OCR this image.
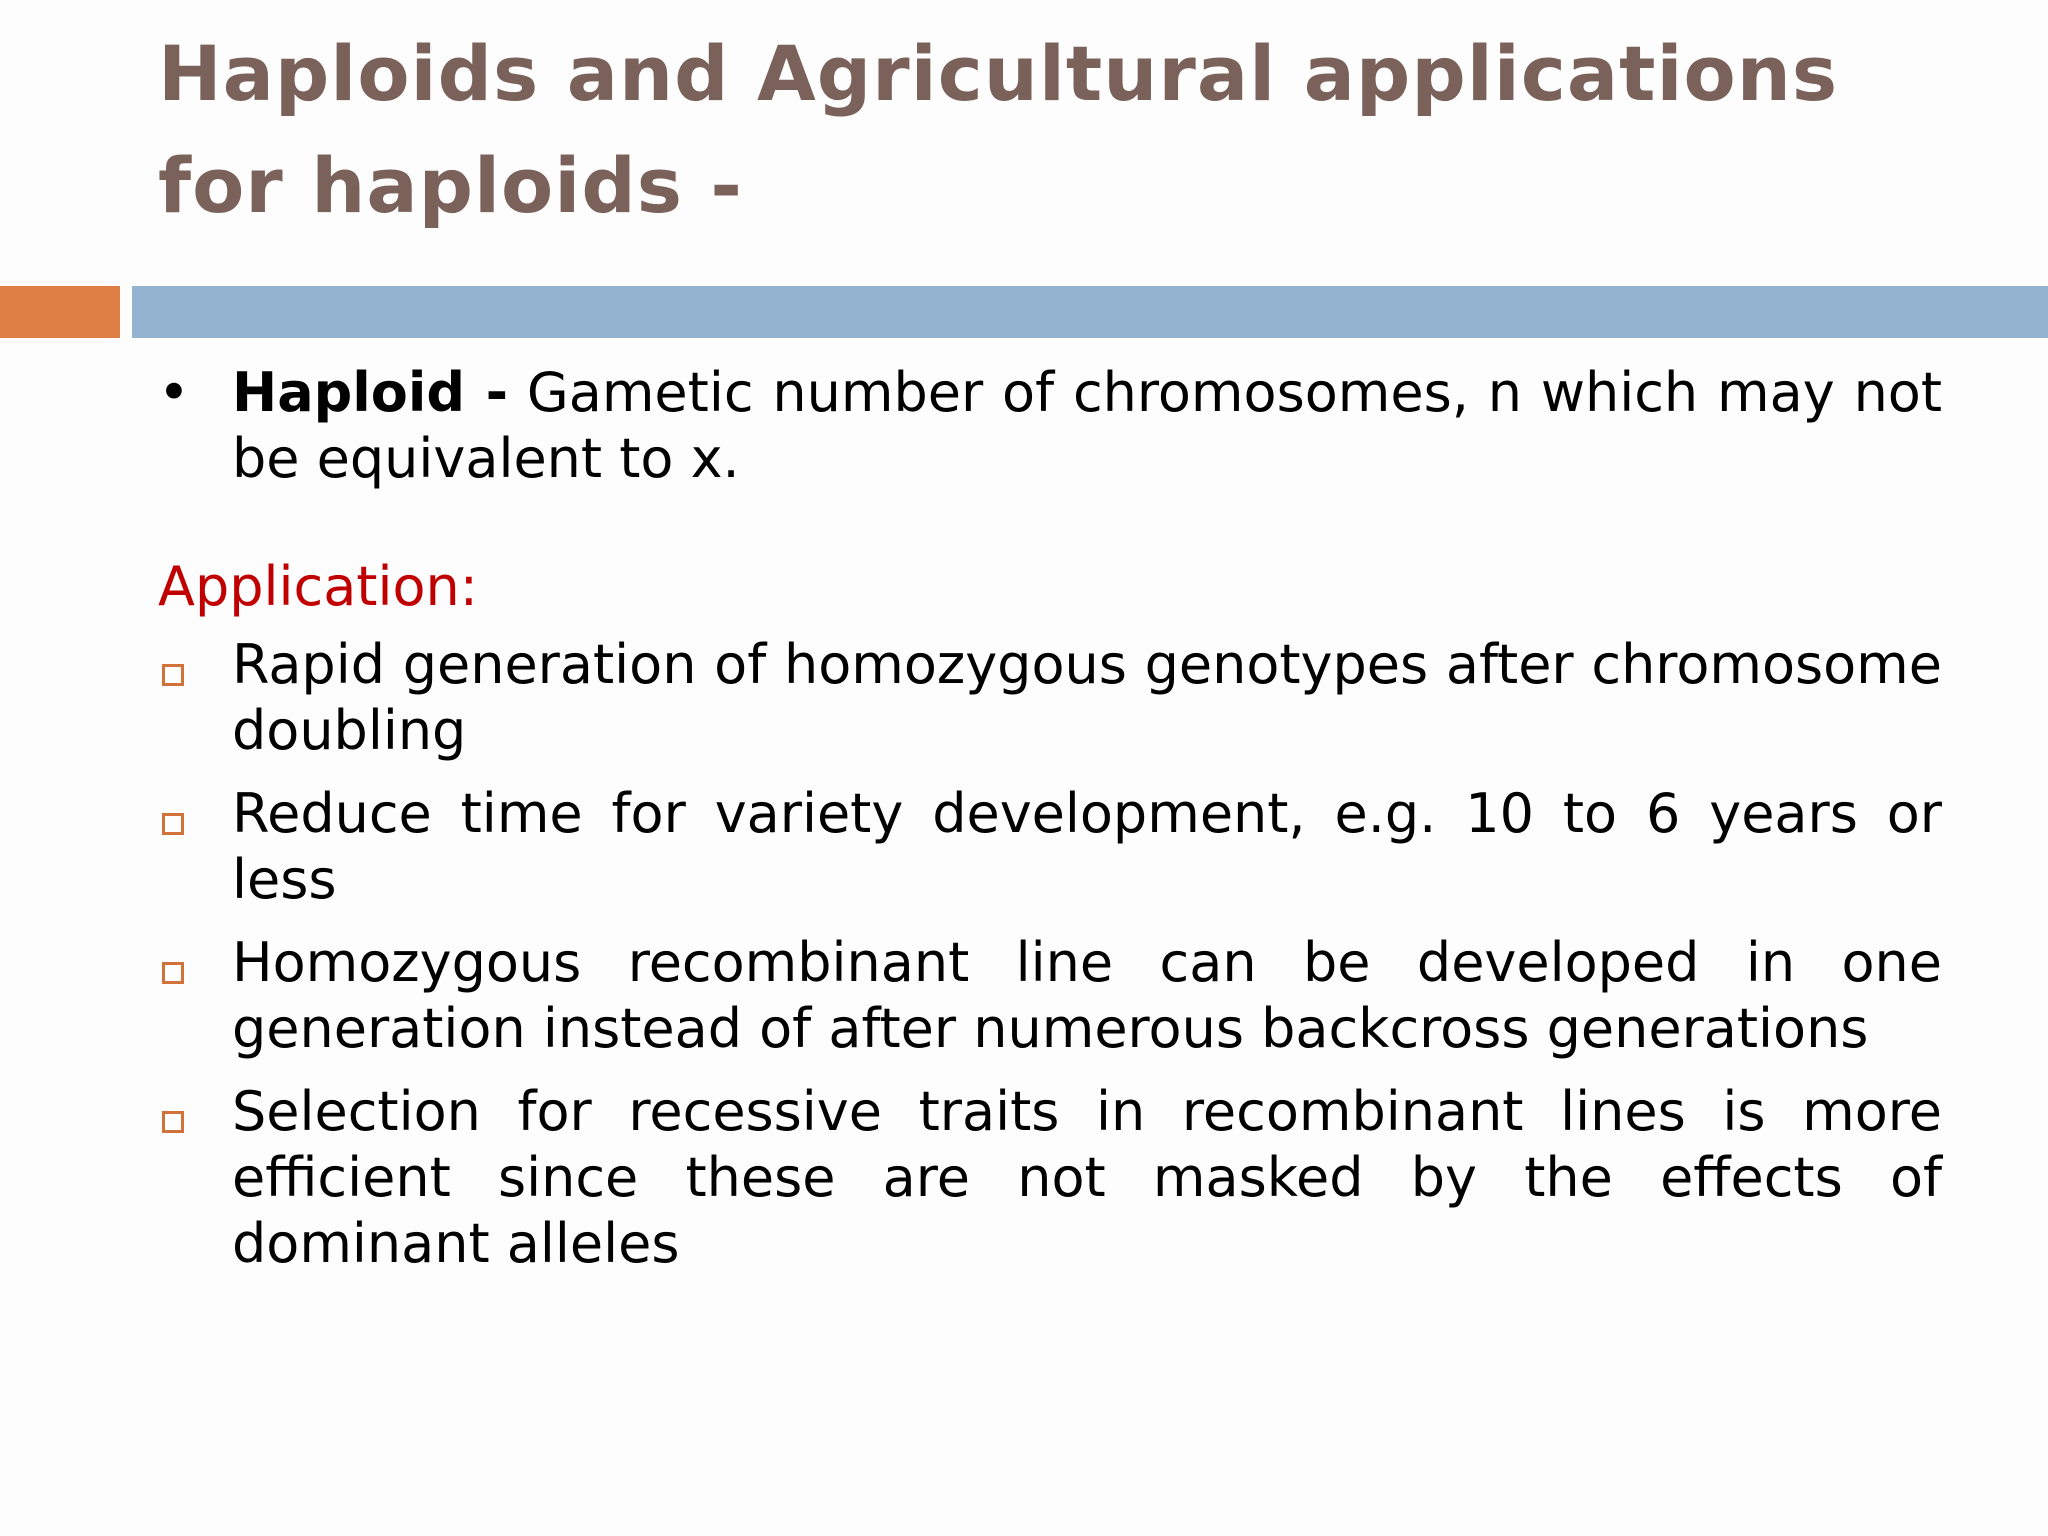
Haploids and Agricultural applications for haploids -

• Haploid - Gametic number of chromosomes, n which may not be equivalent to x.

Application:

Rapid generation of homozygous genotypes after chromosome doubling
Reduce time for variety development, e.g. 10 to 6 years or less
Homozygous recombinant line can be developed in one generation instead of after numerous backcross generations
Selection for recessive traits in recombinant lines is more efficient since these are not masked by the effects of dominant alleles
